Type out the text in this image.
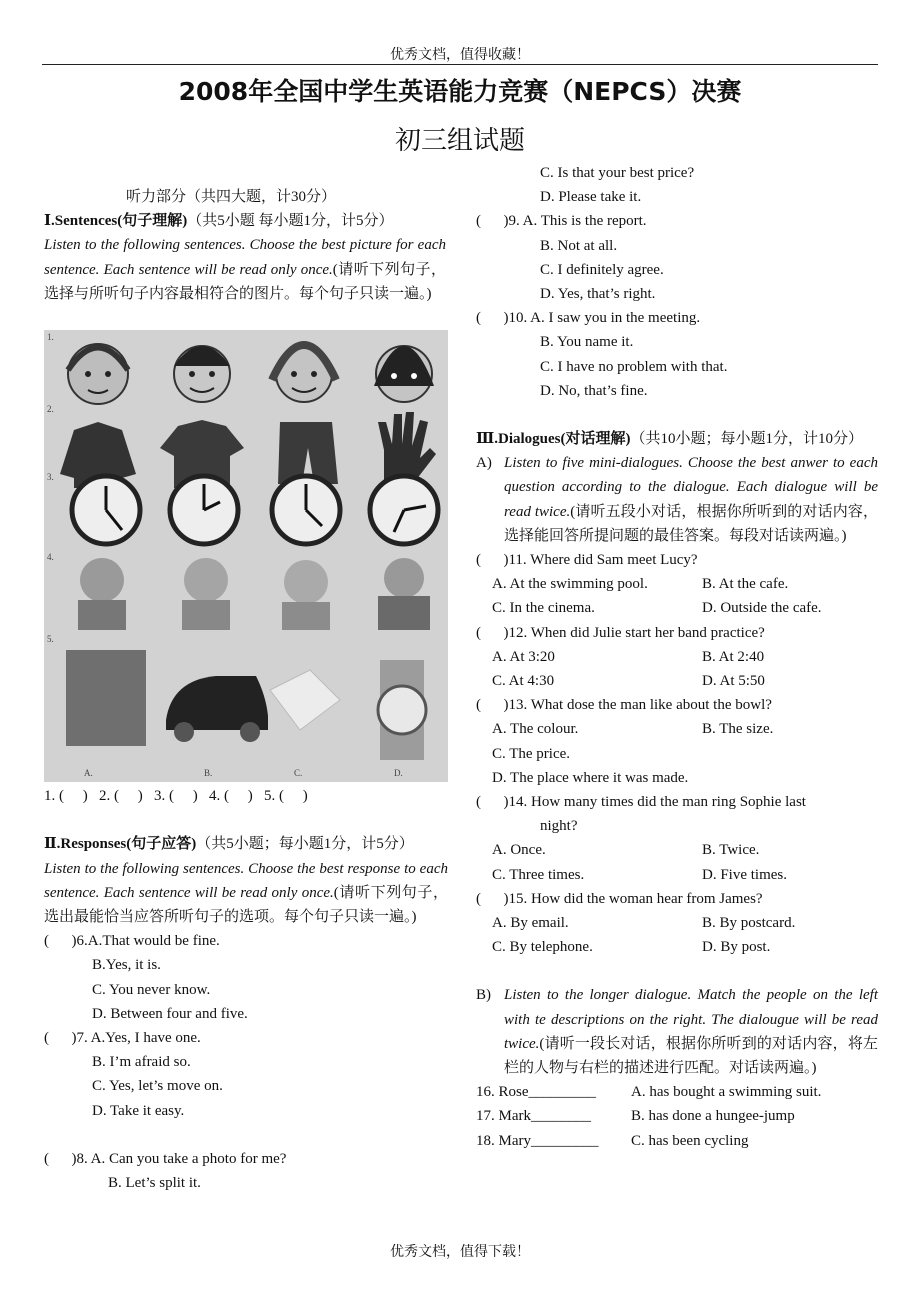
优秀文档，值得收藏！
2008年全国中学生英语能力竞赛（NEPCS）决赛
初三组试题
听力部分（共四大题，计30分）
Ⅰ.Sentences(句子理解)（共5小题 每小题1分，计5分）
Listen to the following sentences. Choose the best picture for each sentence. Each sentence will be read only once.(请听下列句子，选择与所听句子内容最相符合的图片。每个句子只读一遍。)
1.
2.
3.
4.
5.
A.	B.	C.	D.
1. (     )   2. (     )   3. (     )   4. (     )   5. (     )
Ⅱ.Responses(句子应答)（共5小题；每小题1分，计5分）
Listen to the following sentences. Choose the best response to each sentence. Each sentence will be read only once.(请听下列句子，选出最能恰当应答所听句子的选项。每个句子只读一遍。)
(      )6.A.That would be fine.
B.Yes, it is.
C. You never know.
D. Between four and five.
(      )7. A.Yes, I have one.
B. I’m afraid so.
C. Yes, let’s move on.
D. Take it easy.
(      )8. A. Can you take a photo for me?
B. Let’s split it.
C. Is that your best price?
D. Please take it.
(      )9. A. This is the report.
B. Not at all.
C. I definitely agree.
D. Yes, that’s right.
(      )10. A. I saw you in the meeting.
B. You name it.
C. I have no problem with that.
D. No, that’s fine.
Ⅲ.Dialogues(对话理解)（共10小题；每小题1分，计10分）
A) Listen to five mini-dialogues. Choose the best anwer to each question according to the dialogue. Each dialogue will be read twice.(请听五段小对话，根据你所听到的对话内容，选择能回答所提问题的最佳答案。每段对话读两遍。)
(      )11. Where did Sam meet Lucy?
A. At the swimming pool.	B. At the cafe.
C. In the cinema.	D. Outside the cafe.
(      )12. When did Julie start her band practice?
A. At 3:20	B. At 2:40
C. At 4:30	D. At 5:50
(      )13. What dose the man like about the bowl?
A. The colour.	B. The size.
C. The price.
D. The place where it was made.
(      )14. How many times did the man ring Sophie last
night?
A. Once.	B. Twice.
C. Three times.	D. Five times.
(      )15. How did the woman hear from James?
A. By email.	B. By postcard.
C. By telephone.	D. By post.
B) Listen to the longer dialogue. Match the people on the left with te descriptions on the right. The dialougue will be read twice.(请听一段长对话，根据你所听到的对话内容，将左栏的人物与右栏的描述进行匹配。对话读两遍。)
16. Rose_________	A. has bought a swimming suit.
17. Mark________	B. has done a hungee-jump
18. Mary_________	C. has been cycling
优秀文档，值得下载！
